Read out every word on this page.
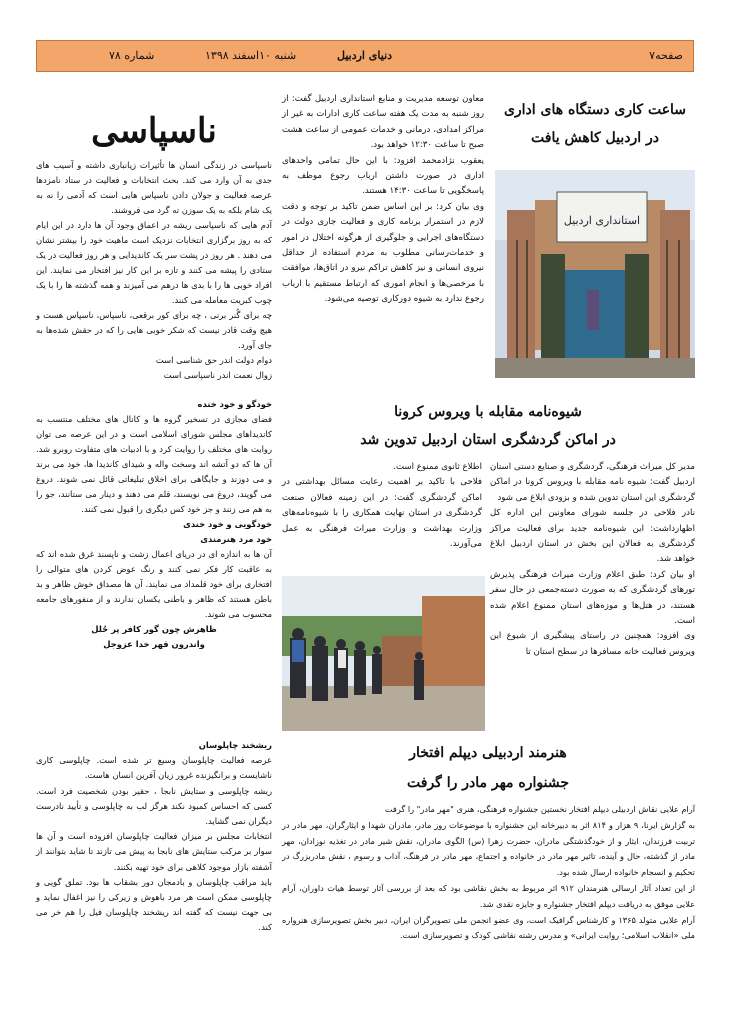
صفحه۷
دنیای اردبیل
شنبه ۱۰اسفند ۱۳۹۸
شماره ۷۸
ساعت کاری دستگاه های اداری
در اردبیل کاهش یافت
استانداری اردبیل

معاون توسعه مدیریت و منابع استانداری اردبیل گفت: از روز شنبه به مدت یک هفته ساعت کاری ادارات به غیر از مراکز امدادی، درمانی و خدمات عمومی از ساعت هشت صبح تا ساعت ۱۲:۳۰ خواهد بود.

یعقوب نژادمحمد افزود: با این حال تمامی واحدهای اداری در صورت داشتن ارباب رجوع موظف به پاسخگویی تا ساعت ۱۴:۳۰ هستند.

وی بیان کرد: بر این اساس ضمن تاکید بر توجه و دقت لازم در استمرار برنامه کاری و فعالیت جاری دولت در دستگاه‌های اجرایی و جلوگیری از هرگونه اختلال در امور و خدمات‌رسانی مطلوب به مردم استفاده از حداقل نیروی انسانی و نیز کاهش تراکم نیرو در اتاق‌ها، موافقت با مرخصی‌ها و انجام اموری که ارتباط مستقیم با ارباب رجوع ندارد به شیوه دورکاری توصیه می‌شود.

شیوه‌نامه مقابله با ویروس کرونا
در اماکن گردشگری استان اردبیل تدوین شد

مدیر کل میراث فرهنگی، گردشگری و صنایع دستی استان اردبیل گفت: شیوه نامه مقابله با ویروس کرونا در اماکن گردشگری این استان تدوین شده و بزودی ابلاغ می شود

نادر فلاحی در جلسه شورای معاونین این اداره کل اظهارداشت: این شیوه‌نامه جدید برای فعالیت مراکز گردشگری به فعالان این بخش در استان اردبیل ابلاغ خواهد شد.

او بیان کرد: طبق اعلام وزارت میراث فرهنگی پذیرش تورهای گردشگری که به صورت دسته‌جمعی در حال سفر هستند، در هتل‌ها و موزه‌های استان ممنوع اعلام شده است.

وی افزود: همچنین در راستای پیشگیری از شیوع این ویروس فعالیت خانه مسافرها در سطح استان تا

اطلاع ثانوی ممنوع است.

فلاحی با تاکید بر اهمیت رعایت مسائل بهداشتی در اماکن گردشگری گفت: در این زمینه فعالان صنعت گردشگری در استان نهایت همکاری را با شیوه‌نامه‌های وزارت بهداشت و وزارت میراث فرهنگی به عمل می‌آورند.

هنرمند اردبیلی دیپلم افتخار
جشنواره مهر مادر را گرفت

آرام علایی نقاش اردبیلی دیپلم افتخار نخستین جشنواره فرهنگی، هنری "مهر مادر" را گرفت

به گزارش ایرنا، ۹ هزار و ۸۱۴ اثر به دبیرخانه این جشنواره با موضوعات روز مادر، مادران شهدا و ایثارگران، مهر مادر در تربیت فرزندان، ایثار و از خودگذشتگی مادران، حضرت زهرا (س) الگوی مادران، نقش شیر مادر در تغذیه نوزادان، مهر مادر از گذشته، حال و آینده، تاثیر مهر مادر در خانواده و اجتماع، مهر مادر در فرهنگ، آداب و رسوم ، نقش مادربزرگ در تحکیم و انسجام خانواده ارسال شده بود.

از این تعداد آثار ارسالی هنرمندان ۹۱۲ اثر مربوط به بخش نقاشی بود که بعد از بررسی آثار توسط هیات داوران، آرام علایی موفق به دریافت دیپلم افتخار جشنواره و جایزه نقدی شد.

آرام علایی متولد ۱۳۶۵ و کارشناس گرافیک است، وی عضو انجمن ملی تصویرگران ایران، دبیر بخش تصویرسازی هنرواره ملی «انقلاب اسلامی؛ روایت ایرانی» و مدرس رشته نقاشی کودک و تصویرسازی است.

ناسپاسی

ناسپاسی در زندگی انسان ها تأثیرات زیانباری داشته و آسیب های جدی به آن وارد می کند. بحث انتخابات و فعالیت در ستاد نامزدها عرصه فعالیت و جولان دادن ناسپاس هایی است که آدمی را نه به یک شام بلکه به یک سوزن ته گرد می فروشند.

آدم هایی که ناسپاسی ریشه در اعماق وجود آن ها دارد در این ایام که به روز برگزاری انتخابات نزدیک است ماهیت خود را بیشتر نشان می دهند . هر روز در پشت سر یک کاندیدایی و هر روز فعالیت در یک ستادی را پیشه می کنند و تازه بر این کار نیز افتخار می نمایند. این افراد خوبی ها را با بدی ها درهم می آمیزند و همه گذشته ها را با یک چوب کبریت معامله می کنند.

چه برای گُنر برنی ، چه برای کور برقعی، ناسپاس، ناسپاس هست و هیچ وقت قادر نیست که شکر خوبی هایی را که در حقش شده‌ها به جای آورد.

دوام دولت اندر حق شناسی است

زوال نعمت اندر ناسپاسی است

خودگو و خود خنده

فضای مجازی در تسخیر گروه ها و کانال های مختلف منتسب به کاندیداهای مجلس شورای اسلامی است و در این عرصه می توان روایت های مختلف را روایت کرد و با ادبیات های متفاوت روبرو شد. آن ها که دو آتشه اند وسخت واله و شیدای کاندیدا ها، خود می برند و می دوزند و جایگاهی برای اخلاق تبلیغاتی قائل نمی شوند. دروغ می گویند، دروغ می نویسند، قلم می دهند و دینار می ستانند، جو را به هم می زنند و جز خود کس دیگری را قبول نمی کنند.

خودگویی و خود خندی

خود مرد هنرمندی

آن ها به اندازه ای در دریای اعمال زشت و ناپسند غرق شده اند که به عاقبت کار فکر نمی کنند و رنگ عوض کردن های متوالی را افتخاری برای خود قلمداد می نمایند. آن ها مصداق خوش ظاهر و بد باطن هستند که ظاهر و باطنی یکسان ندارند و از منفورهای جامعه محسوب می شوند.

ظاهرش چون گور کافر پر حُلل

واندرون قهر خدا عزوجل

ریشخند چاپلوسان

عرصه فعالیت چاپلوسان وسیع تر شده است. چاپلوسی کاری ناشایست و برانگیزنده غرور زیان آفرین انسان هاست.

ریشه چاپلوسی و ستایش نابجا ، حقیر بودن شخصیت فرد است. کسی که احساس کمبود نکند هرگز لب به چاپلوسی و تأیید نادرست دیگران نمی گشاید.

انتخابات مجلس بر میزان فعالیت چاپلوسان افزوده است و آن ها سوار بر مرکب ستایش های نابجا به پیش می تازند تا شاید بتوانند از آشفته بازار موجود کلاهی برای خود تهیه بکنند.

باید مراقب چاپلوسان و بادمجان دور بشقاب ها بود. تملق گویی و چاپلوسی ممکن است هر مرد باهوش و زیرکی را نیز اغفال نماید و بی جهت نیست که گفته اند ریشخند چاپلوسان فیل را هم خر می کند.
